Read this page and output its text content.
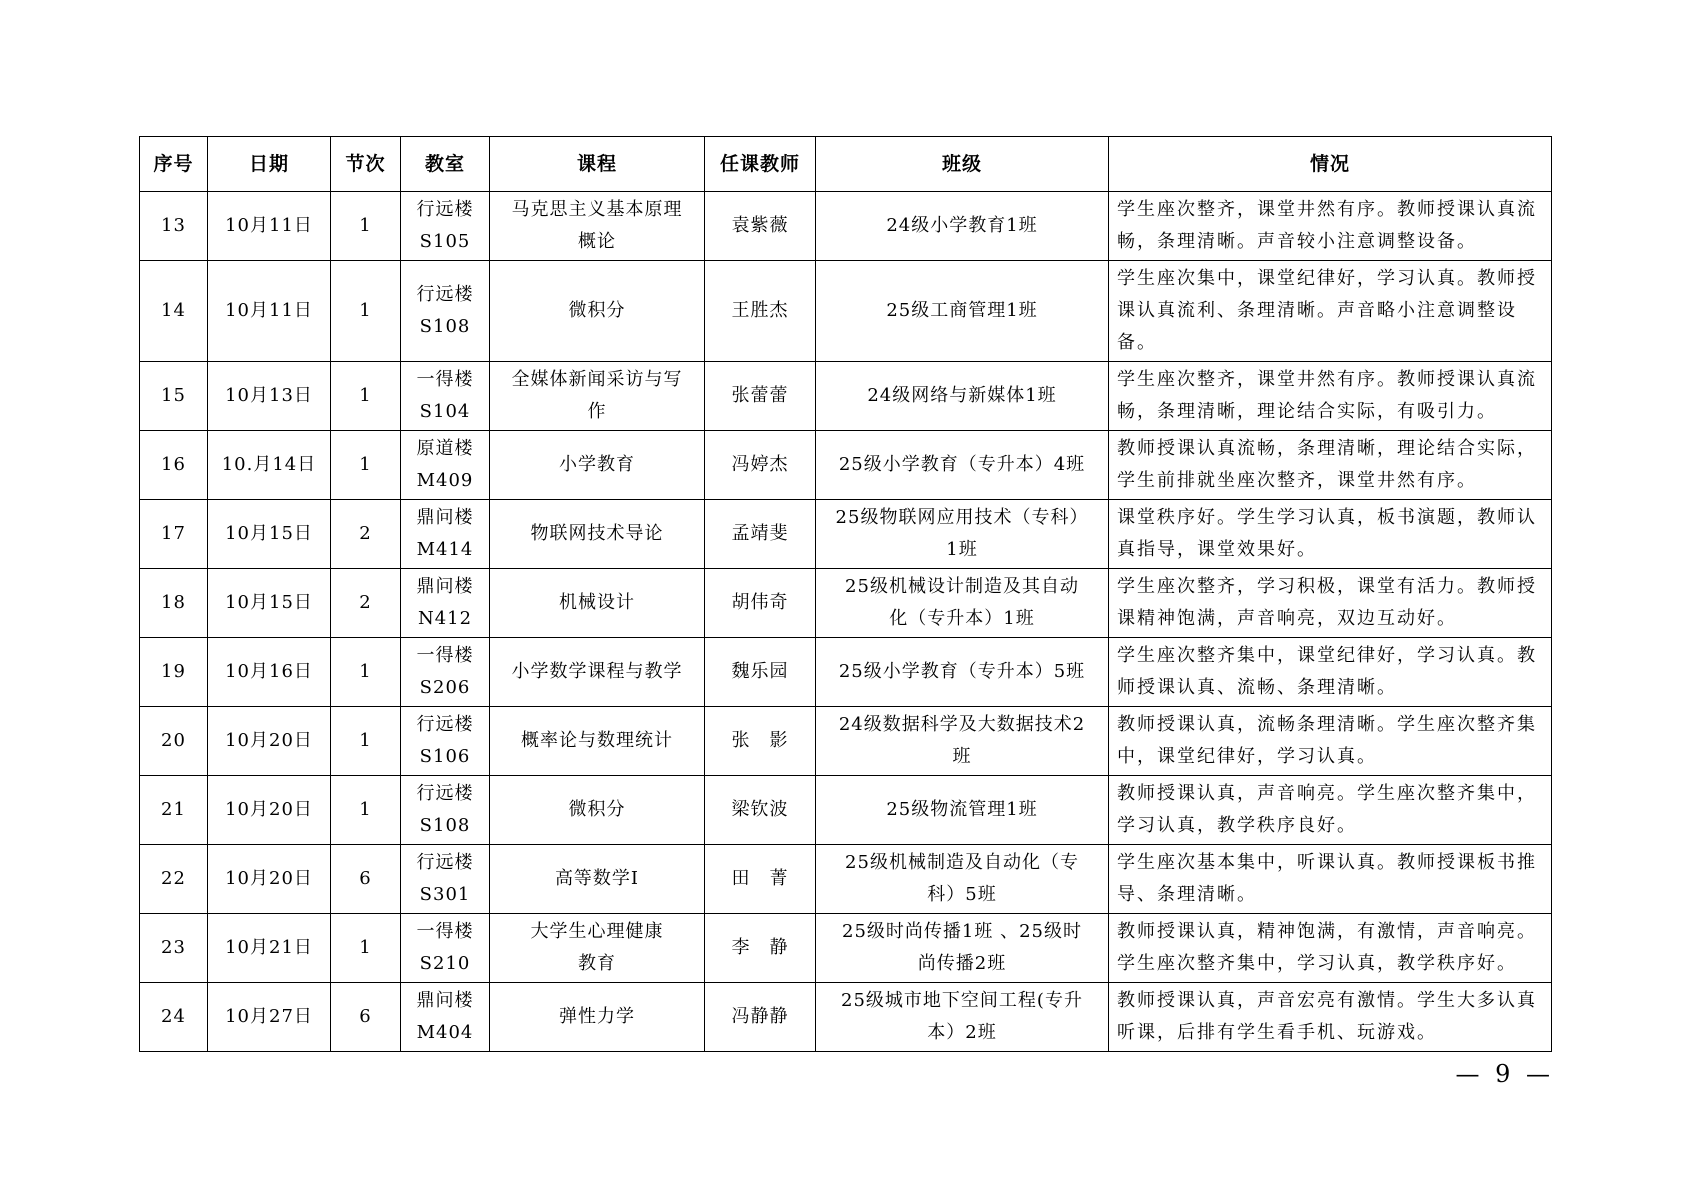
序号	日期	节次	教室	课程	任课教师	班级	情况
13	10月11日	1	行远楼
S105	马克思主义基本原理
概论	袁紫薇	24级小学教育1班	学生座次整齐，课堂井然有序。教师授课认真流畅，条理清晰。声音较小注意调整设备。
14	10月11日	1	行远楼
S108	微积分	王胜杰	25级工商管理1班	学生座次集中，课堂纪律好，学习认真。教师授课认真流利、条理清晰。声音略小注意调整设备。
15	10月13日	1	一得楼
S104	全媒体新闻采访与写
作	张蕾蕾	24级网络与新媒体1班	学生座次整齐，课堂井然有序。教师授课认真流畅，条理清晰，理论结合实际，有吸引力。
16	10.月14日	1	原道楼
M409	小学教育	冯婷杰	25级小学教育（专升本）4班	教师授课认真流畅，条理清晰，理论结合实际，学生前排就坐座次整齐，课堂井然有序。
17	10月15日	2	鼎问楼
M414	物联网技术导论	孟靖斐	25级物联网应用技术（专科）
1班	课堂秩序好。学生学习认真，板书演题，教师认真指导，课堂效果好。
18	10月15日	2	鼎问楼
N412	机械设计	胡伟奇	25级机械设计制造及其自动
化（专升本）1班	学生座次整齐，学习积极，课堂有活力。教师授课精神饱满，声音响亮，双边互动好。
19	10月16日	1	一得楼
S206	小学数学课程与教学	魏乐园	25级小学教育（专升本）5班	学生座次整齐集中，课堂纪律好，学习认真。教师授课认真、流畅、条理清晰。
20	10月20日	1	行远楼
S106	概率论与数理统计	张　影	24级数据科学及大数据技术2
班	教师授课认真，流畅条理清晰。学生座次整齐集中，课堂纪律好，学习认真。
21	10月20日	1	行远楼
S108	微积分	梁钦波	25级物流管理1班	教师授课认真，声音响亮。学生座次整齐集中，学习认真，教学秩序良好。
22	10月20日	6	行远楼
S301	高等数学Ⅰ	田　菁	25级机械制造及自动化（专
科）5班	学生座次基本集中，听课认真。教师授课板书推导、条理清晰。
23	10月21日	1	一得楼
S210	大学生心理健康
教育	李　静	25级时尚传播1班 、25级时
尚传播2班	教师授课认真，精神饱满，有激情，声音响亮。学生座次整齐集中，学习认真，教学秩序好。
24	10月27日	6	鼎问楼
M404	弹性力学	冯静静	25级城市地下空间工程(专升
本）2班	教师授课认真，声音宏亮有激情。学生大多认真听课，后排有学生看手机、玩游戏。
— 9 —
